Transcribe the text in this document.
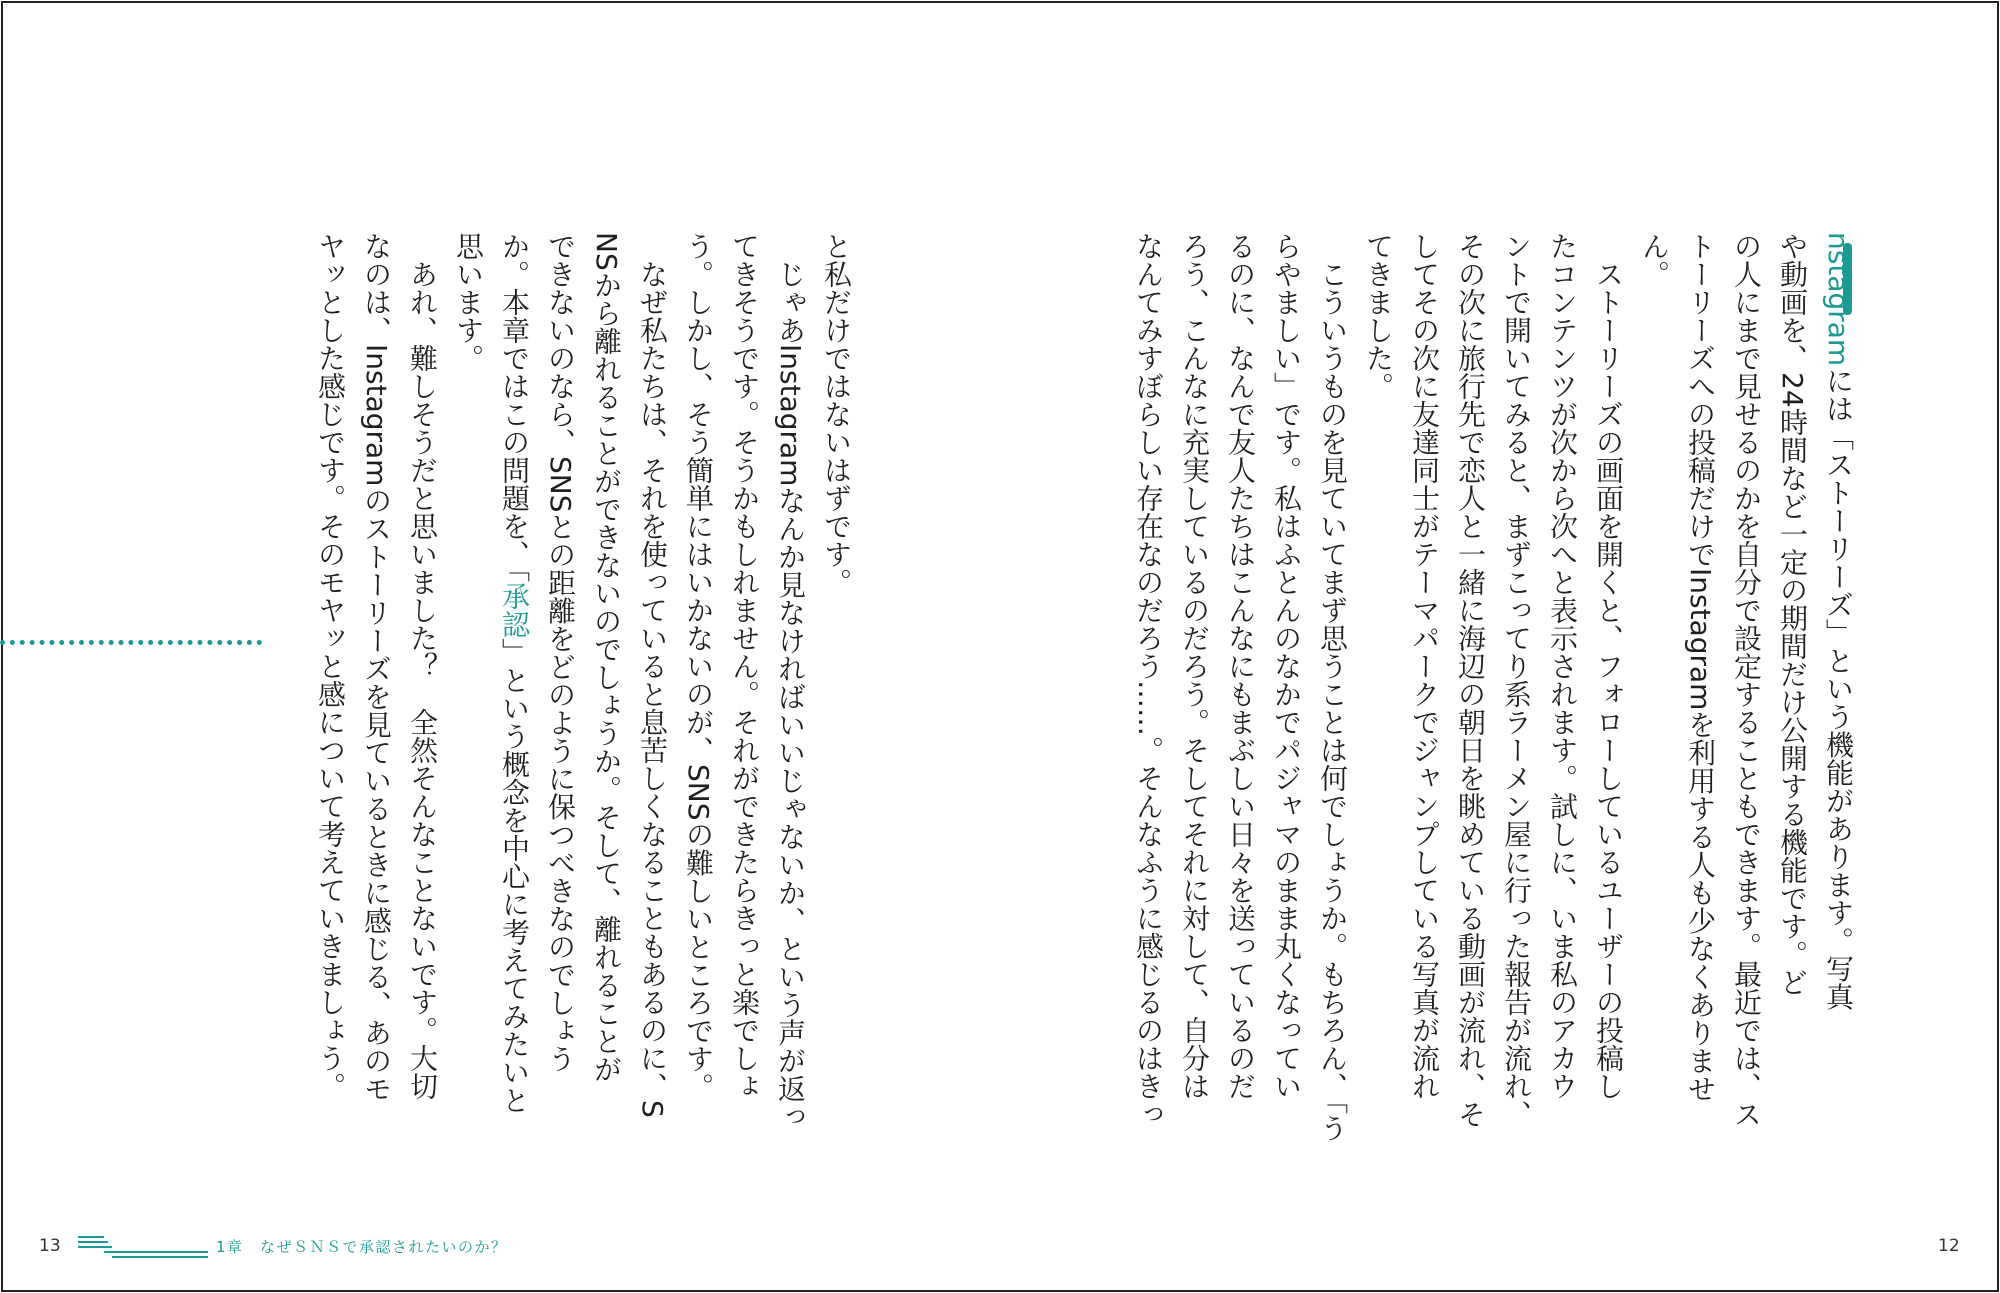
nstagramには「ストーリーズ」という機能があります。写真
や動画を、24時間など一定の期間だけ公開する機能です。ど
の人にまで見せるのかを自分で設定することもできます。最近では、ス
トーリーズへの投稿だけでInstagramを利用する人も少なくありませ
ん。
　ストーリーズの画面を開くと、フォローしているユーザーの投稿し
たコンテンツが次から次へと表示されます。試しに、いま私のアカウ
ントで開いてみると、まずこってり系ラーメン屋に行った報告が流れ、
その次に旅行先で恋人と一緒に海辺の朝日を眺めている動画が流れ、そ
してその次に友達同士がテーマパークでジャンプしている写真が流れ
てきました。
　こういうものを見ていてまず思うことは何でしょうか。もちろん、「う
らやましい」です。私はふとんのなかでパジャマのまま丸くなってい
るのに、なんで友人たちはこんなにもまぶしい日々を送っているのだ
ろう、こんなに充実しているのだろう。そしてそれに対して、自分は
なんてみすぼらしい存在なのだろう……。そんなふうに感じるのはきっ
と私だけではないはずです。
　じゃあInstagramなんか見なければいいじゃないか、という声が返っ
てきそうです。そうかもしれません。それができたらきっと楽でしょ
う。しかし、そう簡単にはいかないのが、SNSの難しいところです。
　なぜ私たちは、それを使っていると息苦しくなることもあるのに、S
NSから離れることができないのでしょうか。そして、離れることが
できないのなら、SNSとの距離をどのように保つべきなのでしょう
か。本章ではこの問題を、「承認」という概念を中心に考えてみたいと
思います。
　あれ、難しそうだと思いました？　全然そんなことないです。大切
なのは、Instagramのストーリーズを見ているときに感じる、あのモ
ヤッとした感じです。そのモヤッと感について考えていきましょう。
13	1章　なぜＳＮＳで承認されたいのか？	12
